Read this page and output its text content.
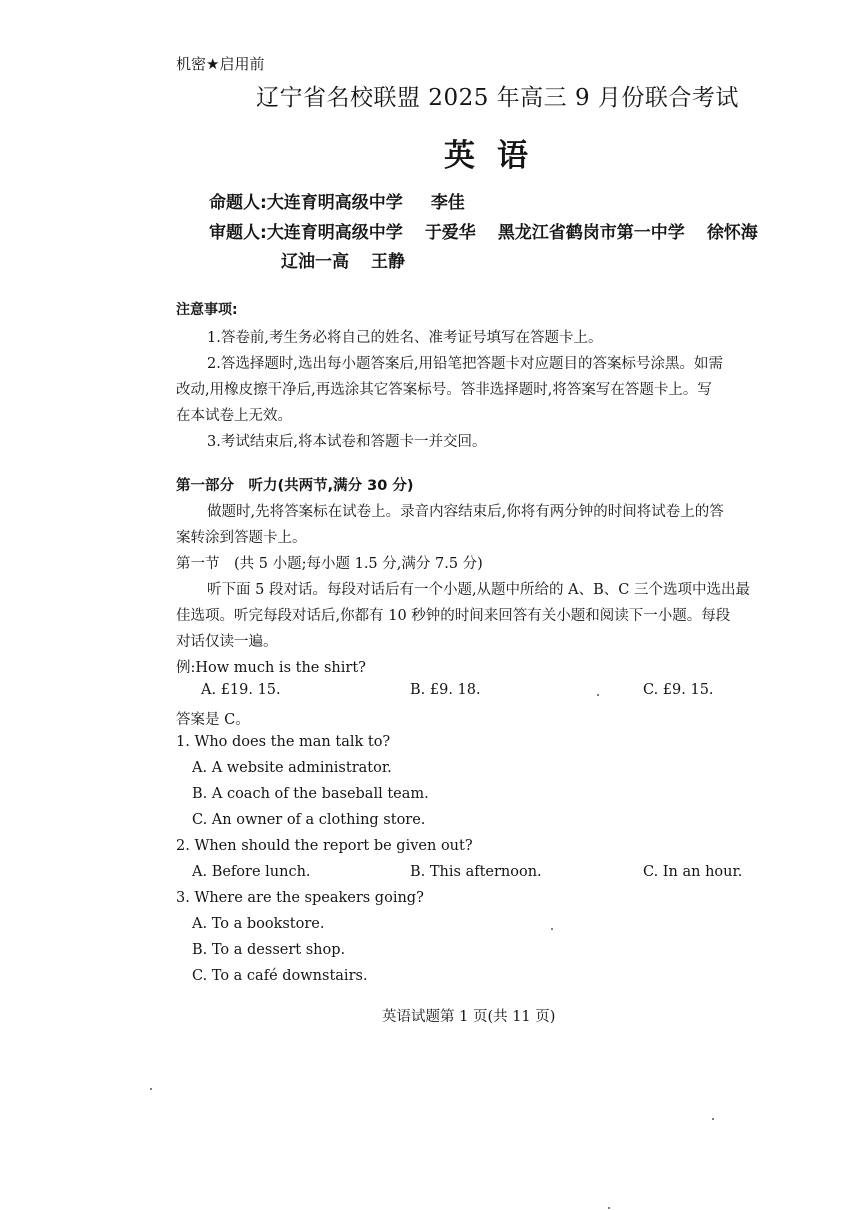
机密★启用前
辽宁省名校联盟 2025 年高三 9 月份联合考试
英语
命题人:大连育明高级中学 李佳
审题人:大连育明高级中学 于爱华 黑龙江省鹤岗市第一中学 徐怀海
辽油一高 王静
注意事项:
1.答卷前,考生务必将自己的姓名、准考证号填写在答题卡上。
2.答选择题时,选出每小题答案后,用铅笔把答题卡对应题目的答案标号涂黑。如需
改动,用橡皮擦干净后,再选涂其它答案标号。答非选择题时,将答案写在答题卡上。写
在本试卷上无效。
3.考试结束后,将本试卷和答题卡一并交回。
第一部分　听力(共两节,满分 30 分)
做题时,先将答案标在试卷上。录音内容结束后,你将有两分钟的时间将试卷上的答
案转涂到答题卡上。
第一节　(共 5 小题;每小题 1.5 分,满分 7.5 分)
听下面 5 段对话。每段对话后有一个小题,从题中所给的 A、B、C 三个选项中选出最
佳选项。听完每段对话后,你都有 10 秒钟的时间来回答有关小题和阅读下一小题。每段
对话仅读一遍。
例:How much is the shirt?
A. £19. 15.	B. £9. 18.	C. £9. 15.
答案是 C。
1. Who does the man talk to?
A. A website administrator.
B. A coach of the baseball team.
C. An owner of a clothing store.
2. When should the report be given out?
A. Before lunch.	B. This afternoon.	C. In an hour.
3. Where are the speakers going?
A. To a bookstore.
B. To a dessert shop.
C. To a café downstairs.
英语试题第 1 页(共 11 页)
